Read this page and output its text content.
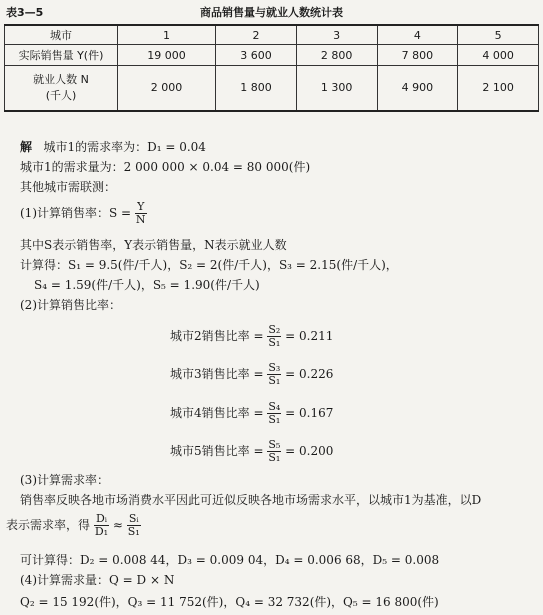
表3—5	商品销售量与就业人数统计表
城市	1	2	3	4	5
实际销售量 Y(件)	19 000	3 600	2 800	7 800	4 000
就业人数 N
(千人)	2 000	1 800	1 300	4 900	2 100
解 城市1的需求率为：D₁ = 0.04
城市1的需求量为：2 000 000 × 0.04 = 80 000(件)
其他城市需联测：
(1)计算销售率：$S = \frac{Y}{N}$
其中S表示销售率，Y表示销售量，N表示就业人数
计算得：S₁ = 9.5(件/千人)，S₂ = 2(件/千人)，S₃ = 2.15(件/千人)，
S₄ = 1.59(件/千人)，S₅ = 1.90(件/千人)
(2)计算销售比率：
城市2销售比率 = $\frac{\text{S₂}}{\text{S₁}} = 0.211$
城市3销售比率 = $\frac{\text{S₃}}{\text{S₁}} = 0.226$
城市4销售比率 = $\frac{\text{S₄}}{\text{S₁}} = 0.167$
城市5销售比率 = $\frac{\text{S₅}}{\text{S₁}} = 0.200$
(3)计算需求率：
销售率反映各地市场消费水平因此可近似反映各地市场需求水平，以城市1为基准，以D
表示需求率，得 $\frac{\text{Dᵢ}}{\text{D₁}} \approx \frac{\text{Sᵢ}}{\text{S₁}}$
可计算得：D₂ = 0.008 44，D₃ = 0.009 04，D₄ = 0.006 68，D₅ = 0.008
(4)计算需求量：Q = D × N
Q₂ = 15 192(件)，Q₃ = 11 752(件)，Q₄ = 32 732(件)，Q₅ = 16 800(件)
